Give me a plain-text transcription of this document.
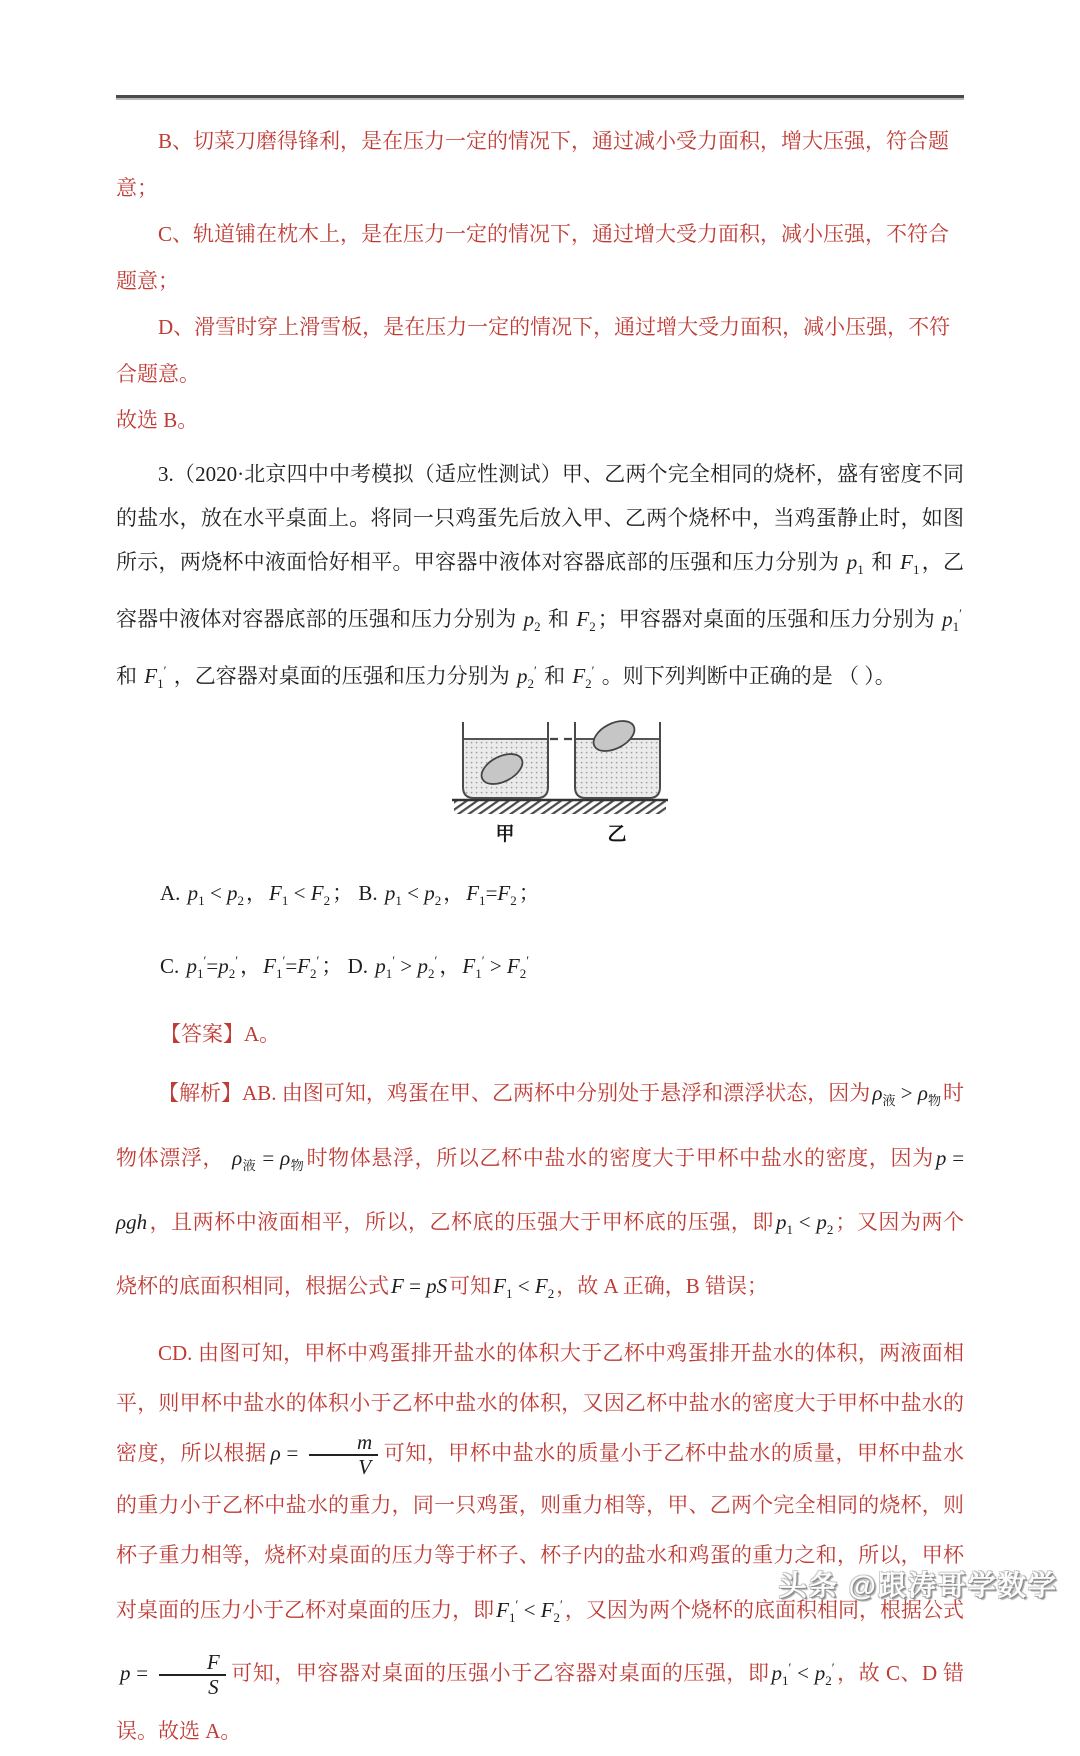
B、切菜刀磨得锋利，是在压力一定的情况下，通过减小受力面积，增大压强，符合题意；

C、轨道铺在枕木上，是在压力一定的情况下，通过增大受力面积，减小压强，不符合题意；

D、滑雪时穿上滑雪板，是在压力一定的情况下，通过增大受力面积，减小压强，不符合题意。

故选 B。

3.（2020·北京四中中考模拟（适应性测试）甲、乙两个完全相同的烧杯，盛有密度不同的盐水，放在水平桌面上。将同一只鸡蛋先后放入甲、乙两个烧杯中，当鸡蛋静止时，如图所示，两烧杯中液面恰好相平。甲容器中液体对容器底部的压强和压力分别为 $p_1$ 和 $F_1$，乙容器中液体对容器底部的压强和压力分别为 $p_2$ 和 $F_2$；甲容器对桌面的压强和压力分别为 $p_1'$ 和 $F_1'$ ，乙容器对桌面的压强和压力分别为 $p_2'$ 和 $F_2'$ 。则下列判断中正确的是 （ ）。

甲	乙

A. $p_1 < p_2$，$F_1 < F_2$； B. $p_1 < p_2$，$F_1=F_2$；

C. $p_1'=p_2'$，$F_1'=F_2'$； D. $p_1' > p_2'$，$F_1' > F_2'$

【答案】A。

【解析】AB. 由图可知，鸡蛋在甲、乙两杯中分别处于悬浮和漂浮状态，因为$\rho_液 > \rho_物$时物体漂浮， $\rho_液 = \rho_物$时物体悬浮，所以乙杯中盐水的密度大于甲杯中盐水的密度，因为p = ρgh，且两杯中液面相平，所以，乙杯底的压强大于甲杯底的压强，即$p_1 < p_2$；又因为两个烧杯的底面积相同，根据公式F = pS可知$F_1 < F_2$，故 A 正确，B 错误；

CD. 由图可知，甲杯中鸡蛋排开盐水的体积大于乙杯中鸡蛋排开盐水的体积，两液面相平，则甲杯中盐水的体积小于乙杯中盐水的体积，又因乙杯中盐水的密度大于甲杯中盐水的密度，所以根据 $\rho = \frac{m}{V}$ 可知，甲杯中盐水的质量小于乙杯中盐水的质量，甲杯中盐水的重力小于乙杯中盐水的重力，同一只鸡蛋，则重力相等，甲、乙两个完全相同的烧杯，则杯子重力相等，烧杯对桌面的压力等于杯子、杯子内的盐水和鸡蛋的重力之和，所以，甲杯对桌面的压力小于乙杯对桌面的压力，即$F_1' < F_2'$，又因为两个烧杯的底面积相同，根据公式$p = \frac{F}{S}$ 可知，甲容器对桌面的压强小于乙容器对桌面的压强，即$p_1' < p_2'$，故 C、D 错误。故选 A。

头条 @跟涛哥学数学
